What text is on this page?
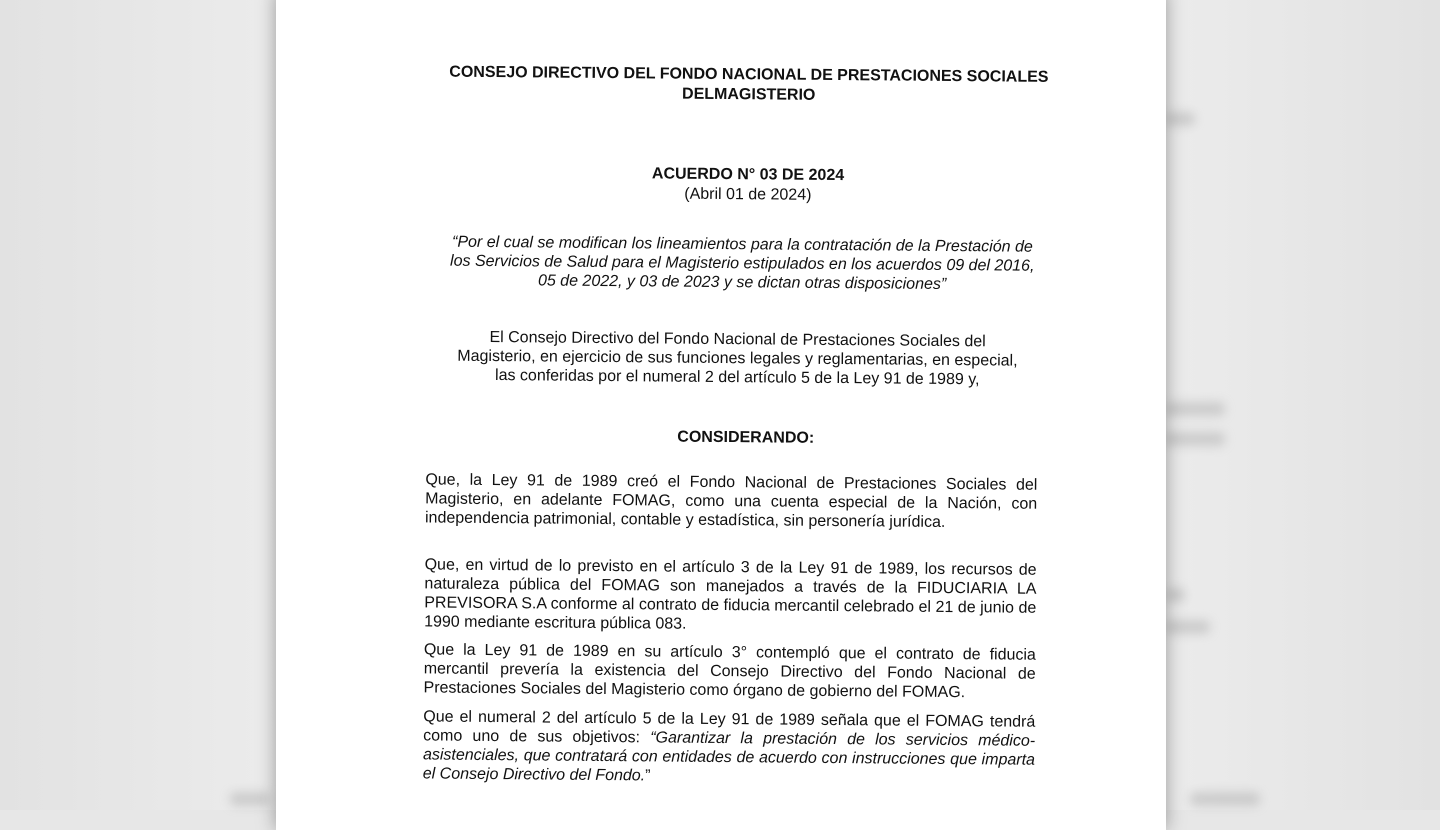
CONSEJO DIRECTIVO DEL FONDO NACIONAL DE PRESTACIONES SOCIALES DELMAGISTERIO

ACUERDO N° 03 DE 2024

(Abril 01 de 2024)

“Por el cual se modifican los lineamientos para la contratación de la Prestación de los Servicios de Salud para el Magisterio estipulados en los acuerdos 09 del 2016, 05 de 2022, y 03 de 2023 y se dictan otras disposiciones”

El Consejo Directivo del Fondo Nacional de Prestaciones Sociales del Magisterio, en ejercicio de sus funciones legales y reglamentarias, en especial, las conferidas por el numeral 2 del artículo 5 de la Ley 91 de 1989 y,

CONSIDERANDO:

Que, la Ley 91 de 1989 creó el Fondo Nacional de Prestaciones Sociales del Magisterio, en adelante FOMAG, como una cuenta especial de la Nación, con independencia patrimonial, contable y estadística, sin personería jurídica.

Que, en virtud de lo previsto en el artículo 3 de la Ley 91 de 1989, los recursos de naturaleza pública del FOMAG son manejados a través de la FIDUCIARIA LA PREVISORA S.A conforme al contrato de fiducia mercantil celebrado el 21 de junio de 1990 mediante escritura pública 083.

Que la Ley 91 de 1989 en su artículo 3° contempló que el contrato de fiducia mercantil prevería la existencia del Consejo Directivo del Fondo Nacional de Prestaciones Sociales del Magisterio como órgano de gobierno del FOMAG.

Que el numeral 2 del artículo 5 de la Ley 91 de 1989 señala que el FOMAG tendrá como uno de sus objetivos: “Garantizar la prestación de los servicios médico-asistenciales, que contratará con entidades de acuerdo con instrucciones que imparta el Consejo Directivo del Fondo.”
